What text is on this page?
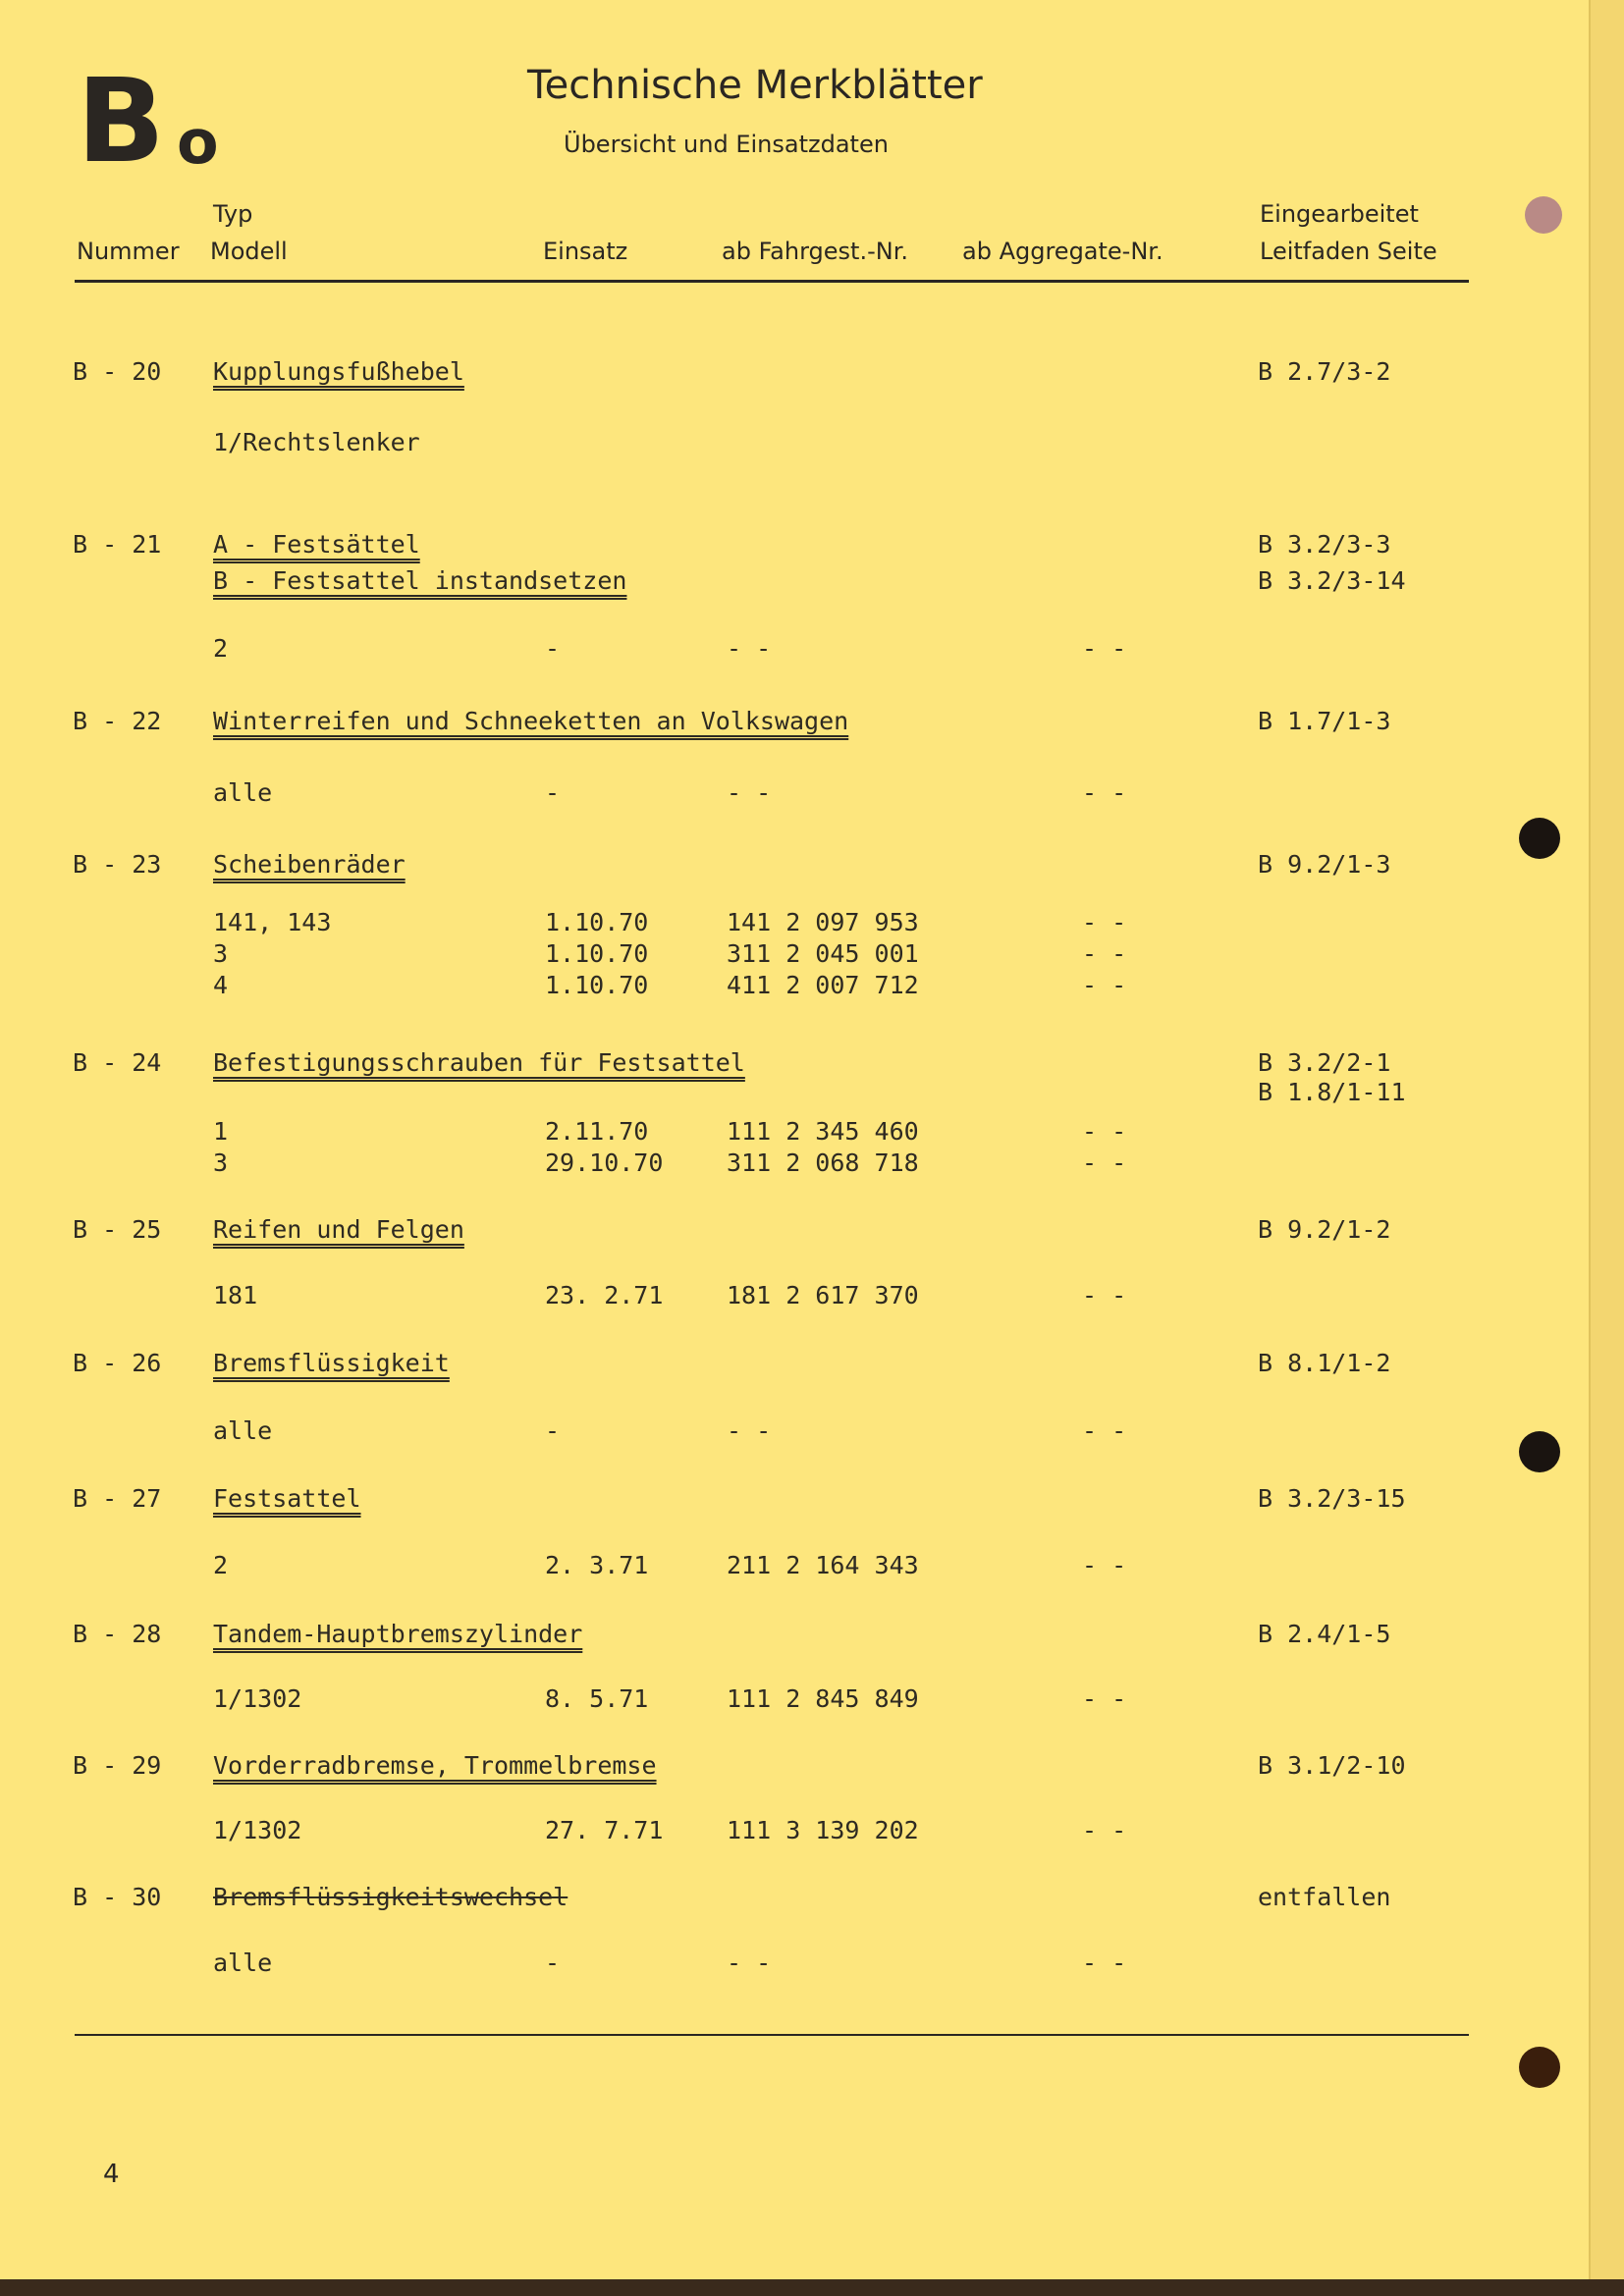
B o
Technische Merkblätter
Übersicht und Einsatzdaten
Typ
Nummer Modell	Einsatz	ab Fahrgest.-Nr. ab Aggregate-Nr.
Eingearbeitet
Leitfaden Seite
B - 20 Kupplungsfußhebel	B 2.7/3-2
1/Rechtslenker
B - 21 A - Festsättel	B 3.2/3-3
B - Festsattel instandsetzen	B 3.2/3-14
2	-	- -	- -
B - 22 Winterreifen und Schneeketten an Volkswagen	B 1.7/1-3
alle	-	- -	- -
B - 23 Scheibenräder	B 9.2/1-3
141, 143	1.10.70	141 2 097 953	- -
3	1.10.70	311 2 045 001	- -
4	1.10.70	411 2 007 712	- -
B - 24 Befestigungsschrauben für Festsattel	B 3.2/2-1
B 1.8/1-11
1	2.11.70	111 2 345 460	- -
3	29.10.70	311 2 068 718	- -
B - 25 Reifen und Felgen	B 9.2/1-2
181	23. 2.71	181 2 617 370	- -
B - 26 Bremsflüssigkeit	B 8.1/1-2
alle	-	- -	- -
B - 27 Festsattel	B 3.2/3-15
2	2. 3.71	211 2 164 343	- -
B - 28 Tandem-Hauptbremszylinder	B 2.4/1-5
1/1302	8. 5.71	111 2 845 849	- -
B - 29 Vorderradbremse, Trommelbremse	B 3.1/2-10
1/1302	27. 7.71	111 3 139 202	- -
B - 30 Bremsflüssigkeitswechsel	entfallen
alle	-	- -	- -
4
